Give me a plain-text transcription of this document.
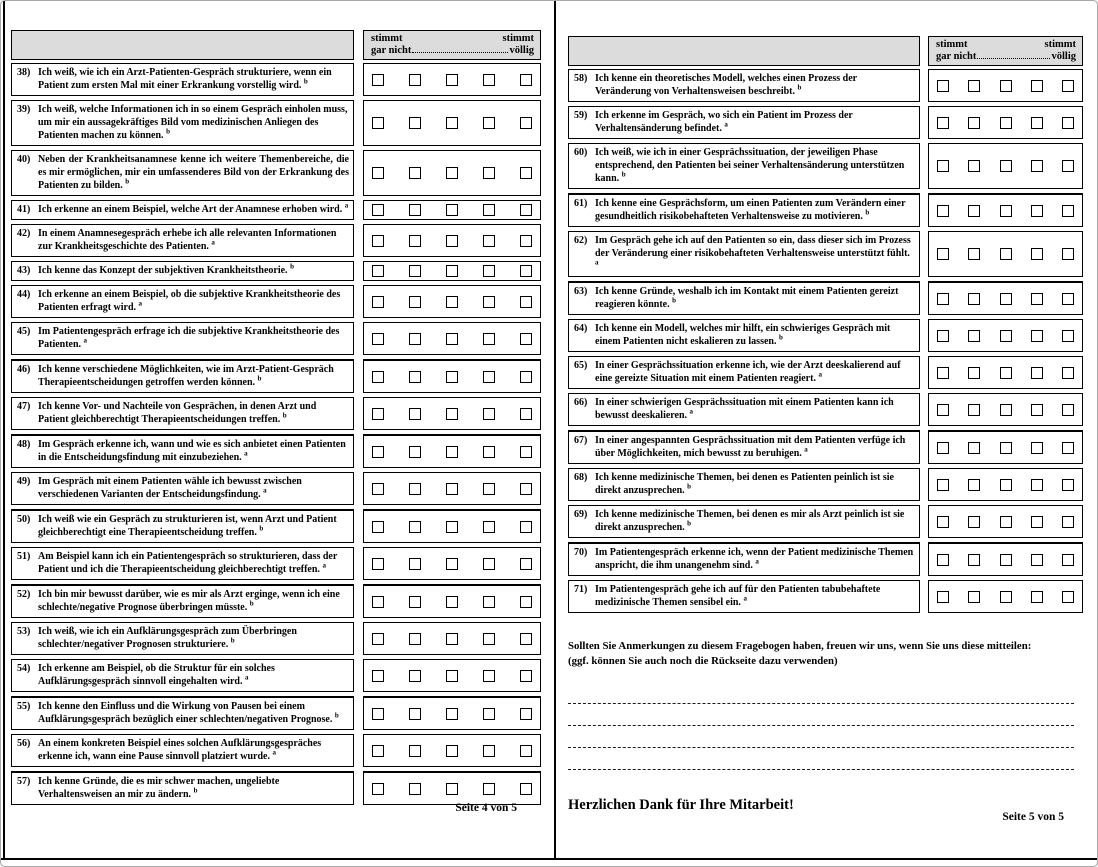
stimmt	stimmt
gar nicht	völlig
38) Ich weiß, wie ich ein Arzt-Patienten-Gespräch strukturiere, wenn ein Patient zum ersten Mal mit einer Erkrankung vorstellig wird. $^b$
39) Ich weiß, welche Informationen ich in so einem Gespräch einholen muss, um mir ein aussagekräftiges Bild vom medizinischen Anliegen des Patienten machen zu können. $^b$
40) Neben der Krankheitsanamnese kenne ich weitere Themenbereiche, die es mir ermöglichen, mir ein umfassenderes Bild von der Erkrankung des Patienten zu bilden. $^b$
41) Ich erkenne an einem Beispiel, welche Art der Anamnese erhoben wird. $^a$
42) In einem Anamnesegespräch erhebe ich alle relevanten Informationen zur Krankheitsgeschichte des Patienten. $^a$
43) Ich kenne das Konzept der subjektiven Krankheitstheorie. $^b$
44) Ich erkenne an einem Beispiel, ob die subjektive Krankheitstheorie des Patienten erfragt wird. $^a$
45) Im Patientengespräch erfrage ich die subjektive Krankheitstheorie des Patienten. $^a$
46) Ich kenne verschiedene Möglichkeiten, wie im Arzt-Patient-Gespräch Therapieentscheidungen getroffen werden können. $^b$
47) Ich kenne Vor- und Nachteile von Gesprächen, in denen Arzt und Patient gleichberechtigt Therapieentscheidungen treffen. $^b$
48) Im Gespräch erkenne ich, wann und wie es sich anbietet einen Patienten in die Entscheidungsfindung mit einzubeziehen. $^a$
49) Im Gespräch mit einem Patienten wähle ich bewusst zwischen verschiedenen Varianten der Entscheidungsfindung. $^a$
50) Ich weiß wie ein Gespräch zu strukturieren ist, wenn Arzt und Patient gleichberechtigt eine Therapieentscheidung treffen. $^b$
51) Am Beispiel kann ich ein Patientengespräch so strukturieren, dass der Patient und ich die Therapieentscheidung gleichberechtigt treffen. $^a$
52) Ich bin mir bewusst darüber, wie es mir als Arzt erginge, wenn ich eine schlechte/negative Prognose überbringen müsste. $^b$
53) Ich weiß, wie ich ein Aufklärungsgespräch zum Überbringen schlechter/negativer Prognosen strukturiere. $^b$
54) Ich erkenne am Beispiel, ob die Struktur für ein solches Aufklärungsgespräch sinnvoll eingehalten wird. $^a$
55) Ich kenne den Einfluss und die Wirkung von Pausen bei einem Aufklärungsgespräch bezüglich einer schlechten/negativen Prognose. $^b$
56) An einem konkreten Beispiel eines solchen Aufklärungsgespräches erkenne ich, wann eine Pause sinnvoll platziert wurde. $^a$
57) Ich kenne Gründe, die es mir schwer machen, ungeliebte Verhaltensweisen an mir zu ändern. $^b$
Seite 4 von 5
stimmt	stimmt
gar nicht	völlig
58) Ich kenne ein theoretisches Modell, welches einen Prozess der Veränderung von Verhaltensweisen beschreibt. $^b$
59) Ich erkenne im Gespräch, wo sich ein Patient im Prozess der Verhaltensänderung befindet. $^a$
60) Ich weiß, wie ich in einer Gesprächssituation, der jeweiligen Phase entsprechend, den Patienten bei seiner Verhaltensänderung unterstützen kann. $^b$
61) Ich kenne eine Gesprächsform, um einen Patienten zum Verändern einer gesundheitlich risikobehafteten Verhaltensweise zu motivieren. $^b$
62) Im Gespräch gehe ich auf den Patienten so ein, dass dieser sich im Prozess der Veränderung einer risikobehafteten Verhaltensweise unterstützt fühlt. $^a$
63) Ich kenne Gründe, weshalb ich im Kontakt mit einem Patienten gereizt reagieren könnte. $^b$
64) Ich kenne ein Modell, welches mir hilft, ein schwieriges Gespräch mit einem Patienten nicht eskalieren zu lassen. $^b$
65) In einer Gesprächssituation erkenne ich, wie der Arzt deeskalierend auf eine gereizte Situation mit einem Patienten reagiert. $^a$
66) In einer schwierigen Gesprächssituation mit einem Patienten kann ich bewusst deeskalieren. $^a$
67) In einer angespannten Gesprächssituation mit dem Patienten verfüge ich über Möglichkeiten, mich bewusst zu beruhigen. $^a$
68) Ich kenne medizinische Themen, bei denen es Patienten peinlich ist sie direkt anzusprechen. $^b$
69) Ich kenne medizinische Themen, bei denen es mir als Arzt peinlich ist sie direkt anzusprechen. $^b$
70) Im Patientengespräch erkenne ich, wenn der Patient medizinische Themen anspricht, die ihm unangenehm sind. $^a$
71) Im Patientengespräch gehe ich auf für den Patienten tabubehaftete medizinische Themen sensibel ein. $^a$
Sollten Sie Anmerkungen zu diesem Fragebogen haben, freuen wir uns, wenn Sie uns diese mitteilen:
(ggf. können Sie auch noch die Rückseite dazu verwenden)
Herzlichen Dank für Ihre Mitarbeit!
Seite 5 von 5
